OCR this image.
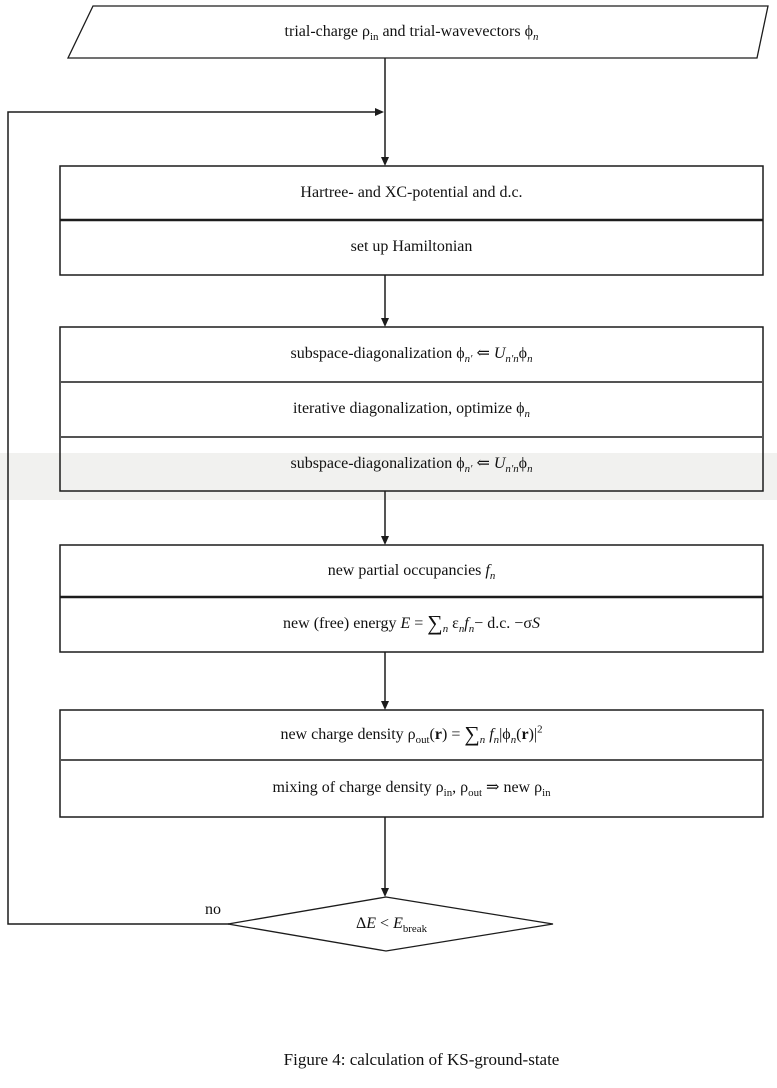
trial-charge $\rho_{in}$ and trial-wavevectors $\phi_n$
Hartree- and XC-potential and d.c.
set up Hamiltonian
subspace-diagonalization $\phi_{n'}$ ⇐ $U_{n'n}\phi_n$
iterative diagonalization, optimize $\phi_n$
subspace-diagonalization $\phi_{n'}$ ⇐ $U_{n'n}\phi_n$
new partial occupancies $f_n$
new (free) energy $E = \sum_n$ $\varepsilon_nf_n- d.c$. −σS
new charge density $\rho_{out}(r) = \sum_n$ $f_n|\phi_n(r)|^2$
mixing of charge density $\rho_{in}$, $\rho_{out}$ ⇒ new $\rho_{in}$
$\Delta E < E_{break}$
no
Figure 4: calculation of KS-ground-state
